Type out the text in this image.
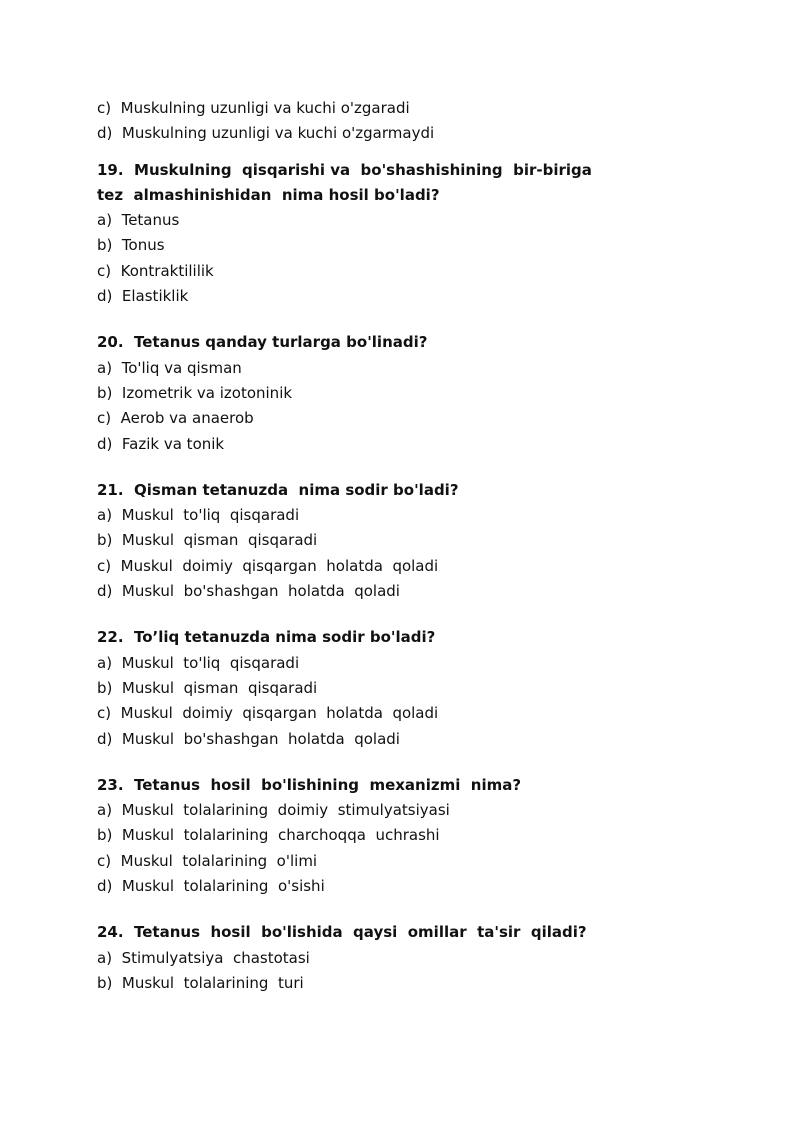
c)  Muskulning uzunligi va kuchi o'zgaradi
d)  Muskulning uzunligi va kuchi o'zgarmaydi
19.  Muskulning  qisqarishi va  bo'shashishining  bir-biriga  tez  almashinishidan  nima hosil bo'ladi?
a)  Tetanus
b)  Tonus
c)  Kontraktililik
d)  Elastiklik
20.  Tetanus qanday turlarga bo'linadi?
a)  To'liq va qisman
b)  Izometrik va izotoninik
c)  Aerob va anaerob
d)  Fazik va tonik
21.  Qisman tetanuzda  nima sodir bo'ladi?
a)  Muskul  to'liq  qisqaradi
b)  Muskul  qisman  qisqaradi
c)  Muskul  doimiy  qisqargan  holatda  qoladi
d)  Muskul  bo'shashgan  holatda  qoladi
22.  To’liq tetanuzda nima sodir bo'ladi?
a)  Muskul  to'liq  qisqaradi
b)  Muskul  qisman  qisqaradi
c)  Muskul  doimiy  qisqargan  holatda  qoladi
d)  Muskul  bo'shashgan  holatda  qoladi
23.  Tetanus  hosil  bo'lishining  mexanizmi  nima?
a)  Muskul  tolalarining  doimiy  stimulyatsiyasi
b)  Muskul  tolalarining  charchoqqa  uchrashi
c)  Muskul  tolalarining  o'limi
d)  Muskul  tolalarining  o'sishi
24.  Tetanus  hosil  bo'lishida  qaysi  omillar  ta'sir  qiladi?
a)  Stimulyatsiya  chastotasi
b)  Muskul  tolalarining  turi
